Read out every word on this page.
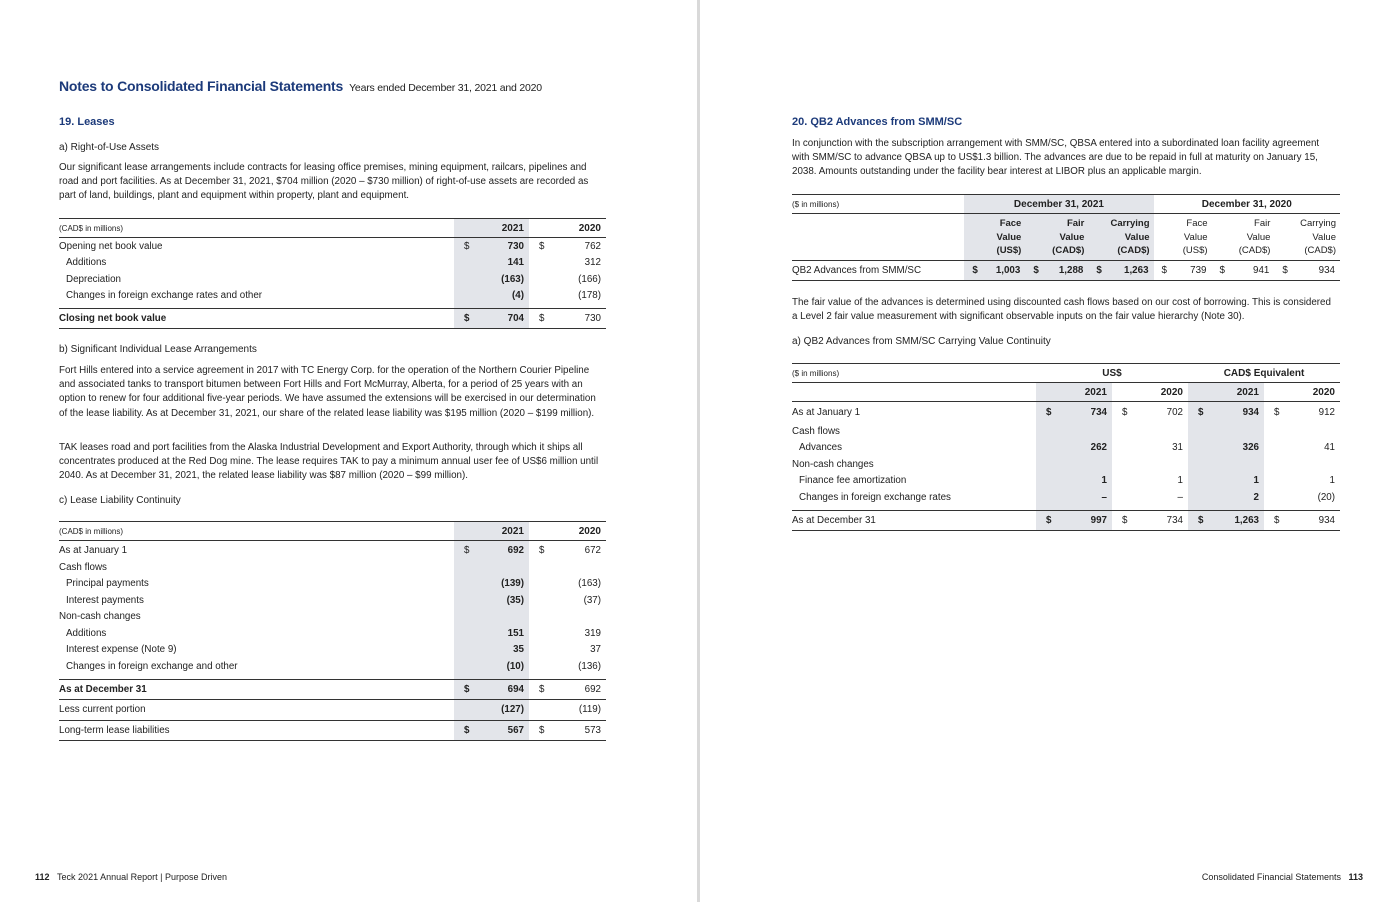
Notes to Consolidated Financial Statements Years ended December 31, 2021 and 2020
19. Leases
a) Right-of-Use Assets

Our significant lease arrangements include contracts for leasing office premises, mining equipment, railcars, pipelines and road and port facilities. As at December 31, 2021, $704 million (2020 – $730 million) of right-of-use assets are recorded as part of land, buildings, plant and equipment within property, plant and equipment.

(CAD$ in millions)		2021		2020
Opening net book value	$	730	$	762
Additions		141		312
Depreciation		(163)		(166)
Changes in foreign exchange rates and other		(4)		(178)

Closing net book value	$	704	$	730
b) Significant Individual Lease Arrangements

Fort Hills entered into a service agreement in 2017 with TC Energy Corp. for the operation of the Northern Courier Pipeline and associated tanks to transport bitumen between Fort Hills and Fort McMurray, Alberta, for a period of 25 years with an option to renew for four additional five-year periods. We have assumed the extensions will be exercised in our determination of the lease liability. As at December 31, 2021, our share of the related lease liability was $195 million (2020 – $199 million).

TAK leases road and port facilities from the Alaska Industrial Development and Export Authority, through which it ships all concentrates produced at the Red Dog mine. The lease requires TAK to pay a minimum annual user fee of US$6 million until 2040. As at December 31, 2021, the related lease liability was $87 million (2020 – $99 million).

c) Lease Liability Continuity
(CAD$ in millions)		2021		2020
As at January 1	$	692	$	672
Cash flows				
Principal payments		(139)		(163)
Interest payments		(35)		(37)
Non-cash changes				
Additions		151		319
Interest expense (Note 9)		35		37
Changes in foreign exchange and other		(10)		(136)

As at December 31	$	694	$	692
Less current portion		(127)		(119)
Long-term lease liabilities	$	567	$	573
112 Teck 2021 Annual Report | Purpose Driven
20. QB2 Advances from SMM/SC

In conjunction with the subscription arrangement with SMM/SC, QBSA entered into a subordinated loan facility agreement with SMM/SC to advance QBSA up to US$1.3 billion. The advances are due to be repaid in full at maturity on January 15, 2038. Amounts outstanding under the facility bear interest at LIBOR plus an applicable margin.

($ in millions)	December 31, 2021						December 31, 2020					
		Face
Value
(US$)		Fair
Value
(CAD$)		Carrying
Value
(CAD$)		Face
Value
(US$)		Fair
Value
(CAD$)		Carrying
Value
(CAD$)
QB2 Advances from SMM/SC	$	1,003	$	1,288	$	1,263	$	739	$	941	$	934

The fair value of the advances is determined using discounted cash flows based on our cost of borrowing. This is considered a Level 2 fair value measurement with significant observable inputs on the fair value hierarchy (Note 30).

a) QB2 Advances from SMM/SC Carrying Value Continuity
($ in millions)	US$				CAD$ Equivalent			
		2021		2020		2021		2020
As at January 1	$	734	$	702	$	934	$	912
Cash flows								
Advances		262		31		326		41
Non-cash changes								
Finance fee amortization		1		1		1		1
Changes in foreign exchange rates		–		–		2		(20)

As at December 31	$	997	$	734	$	1,263	$	934
Consolidated Financial Statements 113
